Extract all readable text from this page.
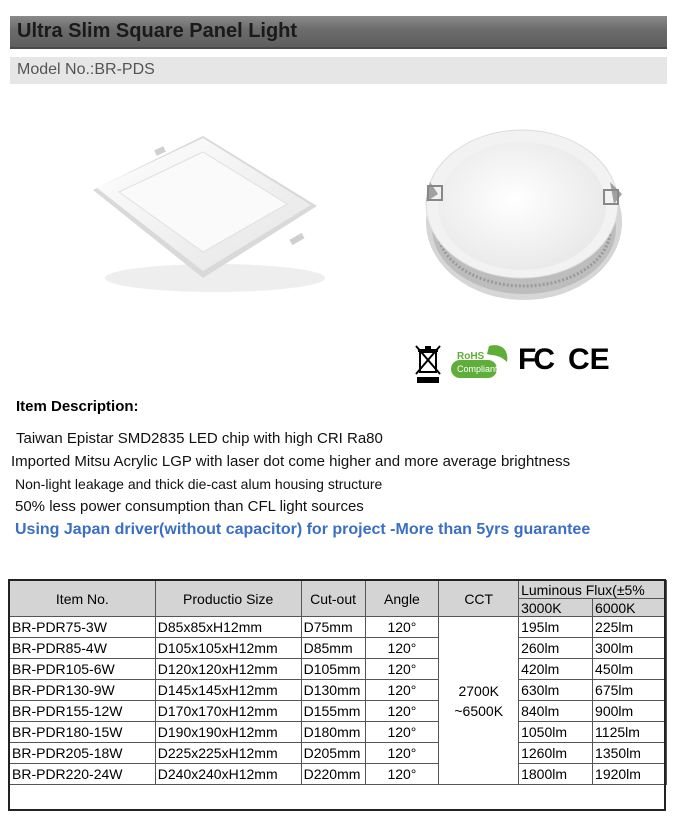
Ultra Slim Square Panel Light
Model No.:BR-PDS
RoHS
Compliant FC CE
Item Description:
Taiwan Epistar SMD2835 LED chip with high CRI Ra80
Imported Mitsu Acrylic LGP with laser dot come higher and more average brightness
Non-light leakage and thick die-cast alum housing structure
50% less power consumption than CFL light sources
Using Japan driver(without capacitor) for project -More than 5yrs guarantee
Item No.	Productio Size	Cut-out	Angle	CCT	Luminous Flux(±5%	
					3000K	6000K
BR-PDR75-3W	D85x85xH12mm	D75mm	120°	2700K ~6500K	195lm	225lm
BR-PDR85-4W	D105x105xH12mm	D85mm	120°		260lm	300lm
BR-PDR105-6W	D120x120xH12mm	D105mm	120°		420lm	450lm
BR-PDR130-9W	D145x145xH12mm	D130mm	120°		630lm	675lm
BR-PDR155-12W	D170x170xH12mm	D155mm	120°		840lm	900lm
BR-PDR180-15W	D190x190xH12mm	D180mm	120°		1050lm	1125lm
BR-PDR205-18W	D225x225xH12mm	D205mm	120°		1260lm	1350lm
BR-PDR220-24W	D240x240xH12mm	D220mm	120°		1800lm	1920lm
